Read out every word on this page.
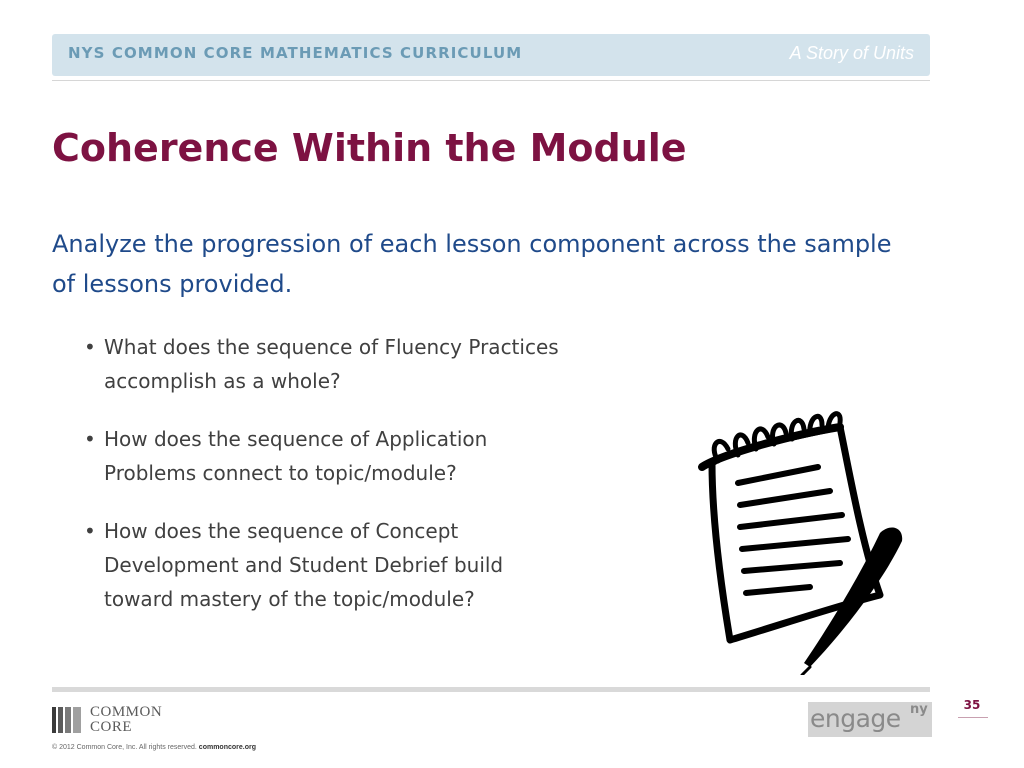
NYS COMMON CORE MATHEMATICS CURRICULUM	A Story of Units
Coherence Within the Module

Analyze the progression of each lesson component across the sample of lessons provided.

• What does the sequence of Fluency Practices
accomplish as a whole?
• How does the sequence of Application
Problems connect to topic/module?
• How does the sequence of Concept
Development and Student Debrief build
toward mastery of the topic/module?
COMMON
CORE
© 2012 Common Core, Inc. All rights reserved. commoncore.org
engage ny	35
